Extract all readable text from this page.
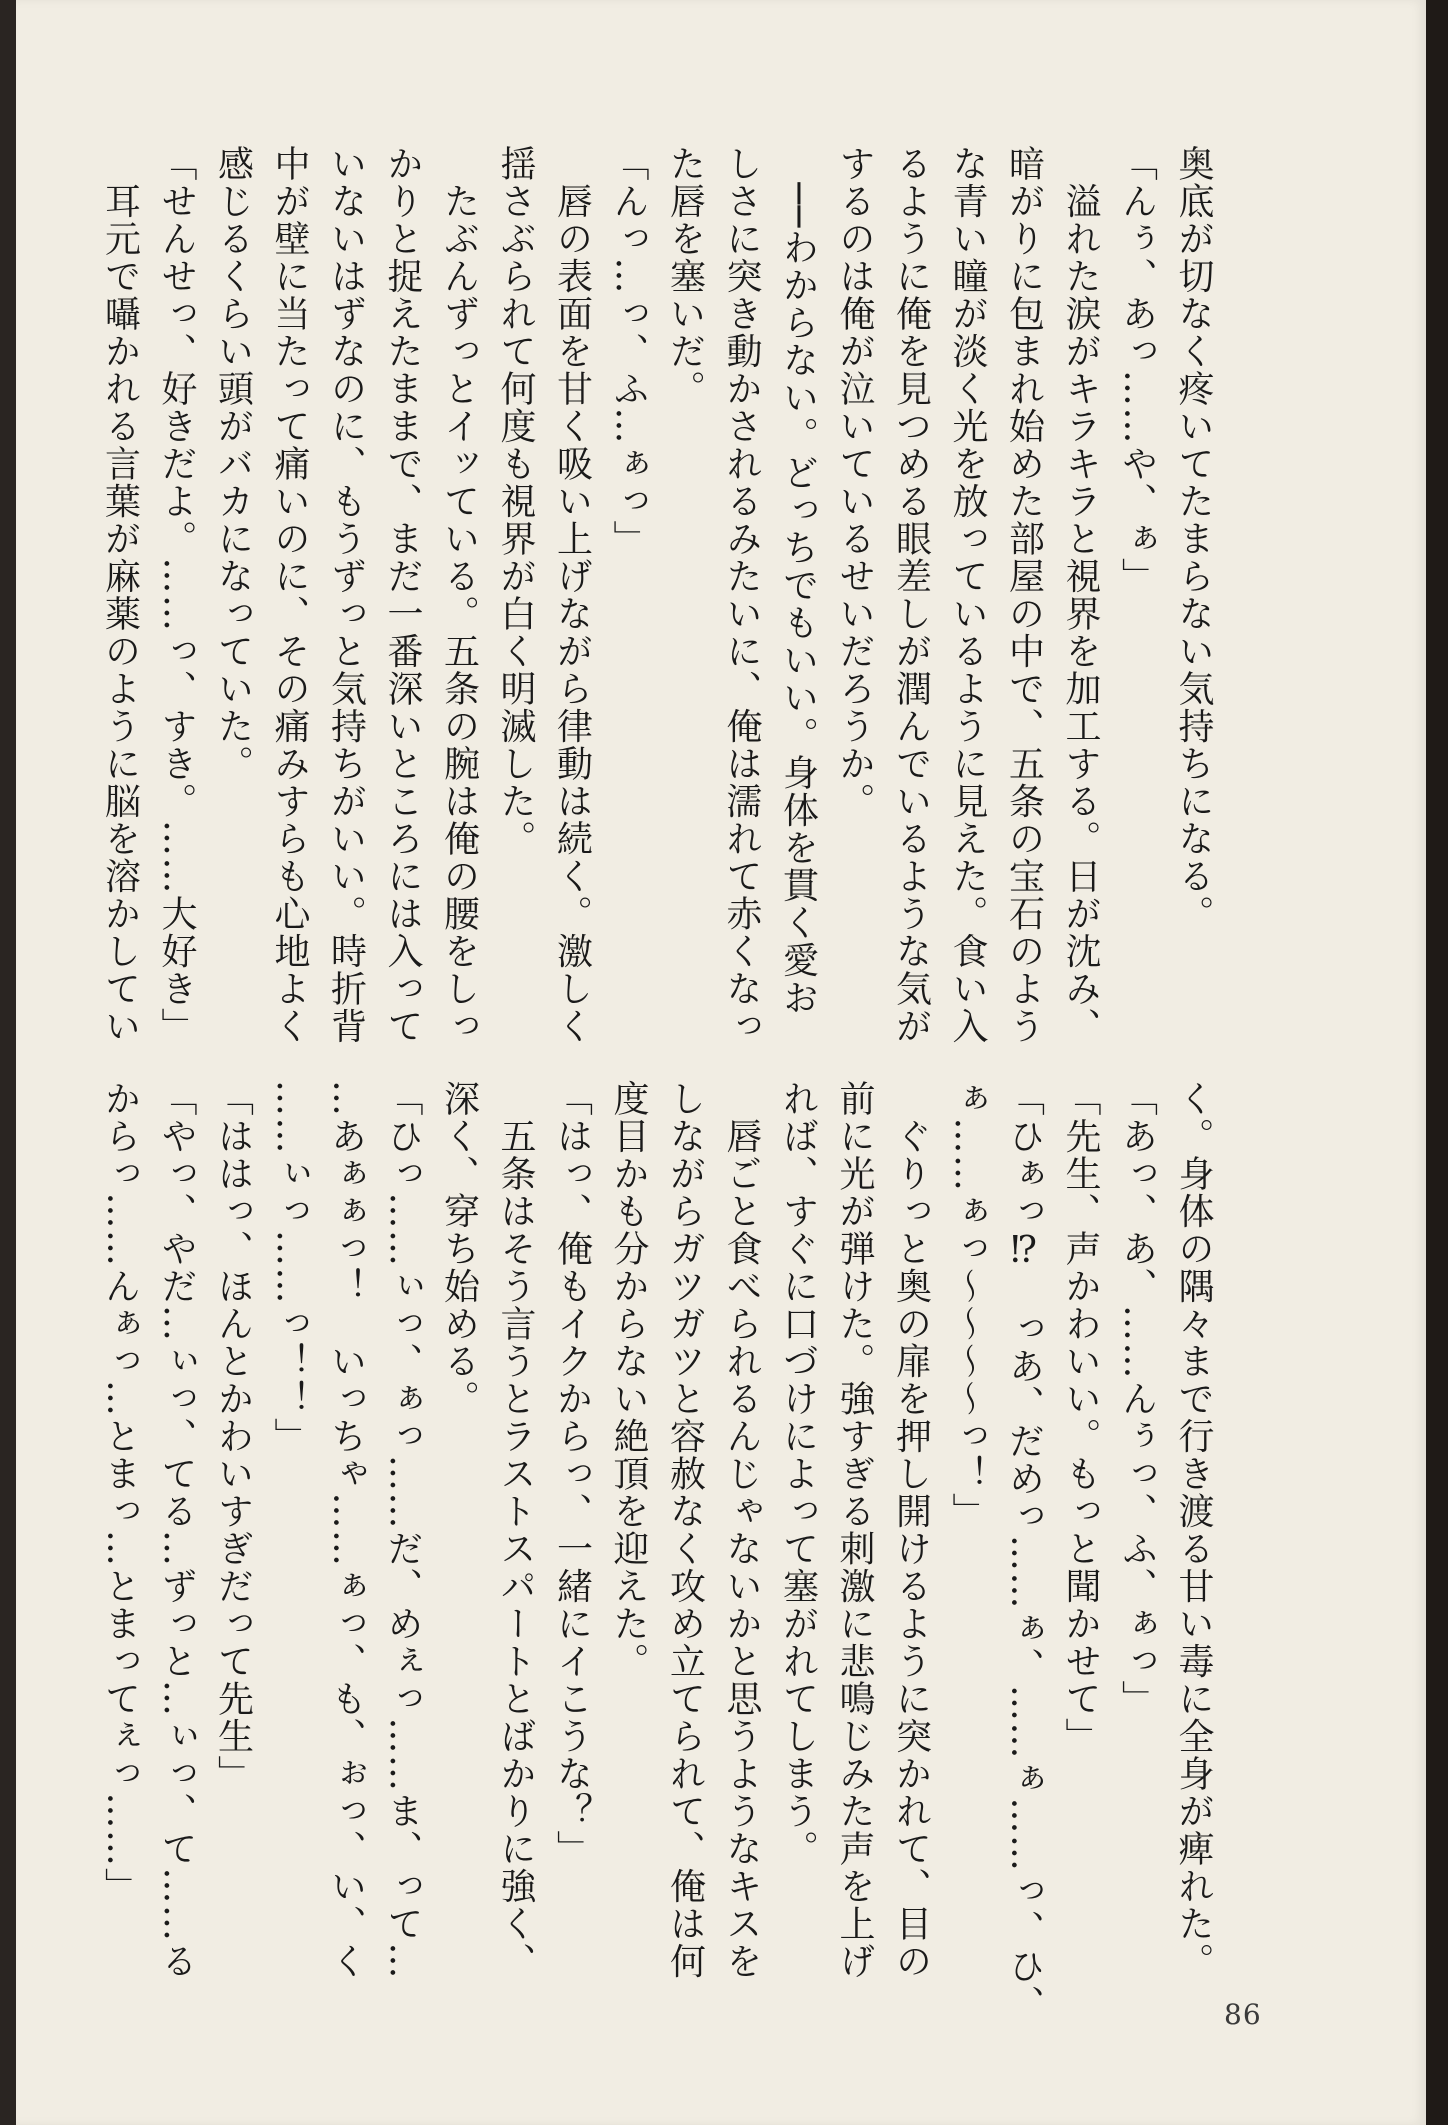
奥底が切なく疼いてたまらない気持ちになる。
「んぅ、あっ……や、ぁ」
　溢れた涙がキラキラと視界を加工する。日が沈み、
暗がりに包まれ始めた部屋の中で、五条の宝石のよう
な青い瞳が淡く光を放っているように見えた。食い入
るように俺を見つめる眼差しが潤んでいるような気が
するのは俺が泣いているせいだろうか。
　──わからない。どっちでもいい。身体を貫く愛お
しさに突き動かされるみたいに、俺は濡れて赤くなっ
た唇を塞いだ。
「んっ…っ、ふ…ぁっ」
　唇の表面を甘く吸い上げながら律動は続く。激しく
揺さぶられて何度も視界が白く明滅した。
　たぶんずっとイッている。五条の腕は俺の腰をしっ
かりと捉えたままで、まだ一番深いところには入って
いないはずなのに、もうずっと気持ちがいい。時折背
中が壁に当たって痛いのに、その痛みすらも心地よく
感じるくらい頭がバカになっていた。
「せんせっ、好きだよ。……っ、すき。……大好き」
　耳元で囁かれる言葉が麻薬のように脳を溶かしてい
く。身体の隅々まで行き渡る甘い毒に全身が痺れた。
「あっ、あ、……んぅっ、ふ、ぁっ」
「先生、声かわいい。もっと聞かせて」
「ひぁっ⁉　っあ、だめっ……ぁ、……ぁ……っ、ひ、
ぁ……ぁっ〜〜〜〜っ！」
　ぐりっと奥の扉を押し開けるように突かれて、目の
前に光が弾けた。強すぎる刺激に悲鳴じみた声を上げ
れば、すぐに口づけによって塞がれてしまう。
　唇ごと食べられるんじゃないかと思うようなキスを
しながらガツガツと容赦なく攻め立てられて、俺は何
度目かも分からない絶頂を迎えた。
「はっ、俺もイクからっ、一緒にイこうな？」
　五条はそう言うとラストスパートとばかりに強く、
深く、穿ち始める。
「ひっ……ぃっ、ぁっ……だ、めぇっ……ま、って…
…あぁぁっ！　いっちゃ……ぁっ、も、ぉっ、い、く
……ぃっ……っ！！」
「ははっ、ほんとかわいすぎだって先生」
「やっ、やだ…ぃっ、てる…ずっと…ぃっ、て……る
からっ……んぁっ…とまっ…とまってぇっ……」
86
